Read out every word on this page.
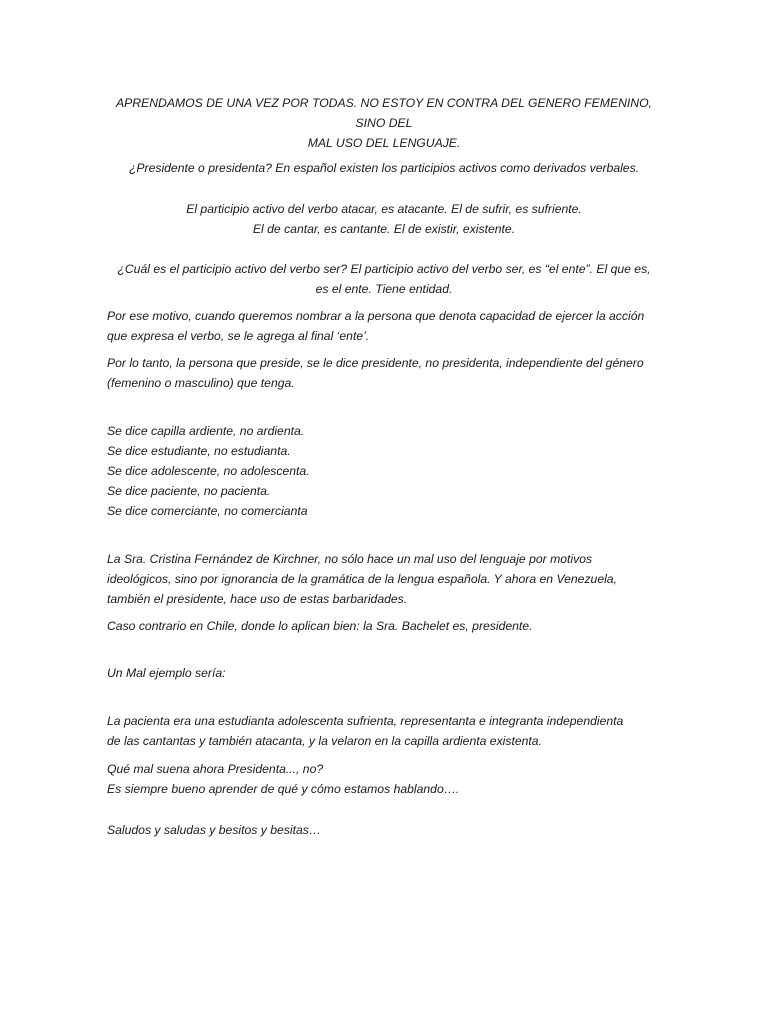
APRENDAMOS DE UNA VEZ POR TODAS. NO ESTOY EN CONTRA DEL GENERO FEMENINO, SINO DEL
MAL USO DEL LENGUAJE.
¿Presidente o presidenta? En español existen los participios activos como derivados verbales.
El participio activo del verbo atacar, es atacante. El de sufrir, es sufriente.
El de cantar, es cantante. El de existir, existente.
¿Cuál es el participio activo del verbo ser? El participio activo del verbo ser, es “el ente”. El que es,
es el ente. Tiene entidad.
Por ese motivo, cuando queremos nombrar a la persona que denota capacidad de ejercer la acción
que expresa el verbo, se le agrega al final ‘ente’.
Por lo tanto, la persona que preside, se le dice presidente, no presidenta, independiente del género
(femenino o masculino) que tenga.
Se dice capilla ardiente, no ardienta.
Se dice estudiante, no estudianta.
Se dice adolescente, no adolescenta.
Se dice paciente, no pacienta.
Se dice comerciante, no comercianta
La Sra. Cristina Fernández de Kirchner, no sólo hace un mal uso del lenguaje por motivos
ideológicos, sino por ignorancia de la gramática de la lengua española. Y ahora en Venezuela,
también el presidente, hace uso de estas barbaridades.
Caso contrario en Chile, donde lo aplican bien: la Sra. Bachelet es, presidente.
Un Mal ejemplo sería:
La pacienta era una estudianta adolescenta sufrienta, representanta e integranta independienta
de las cantantas y también atacanta, y la velaron en la capilla ardienta existenta.
Qué mal suena ahora Presidenta..., no?
Es siempre bueno aprender de qué y cómo estamos hablando….
Saludos y saludas y besitos y besitas…
